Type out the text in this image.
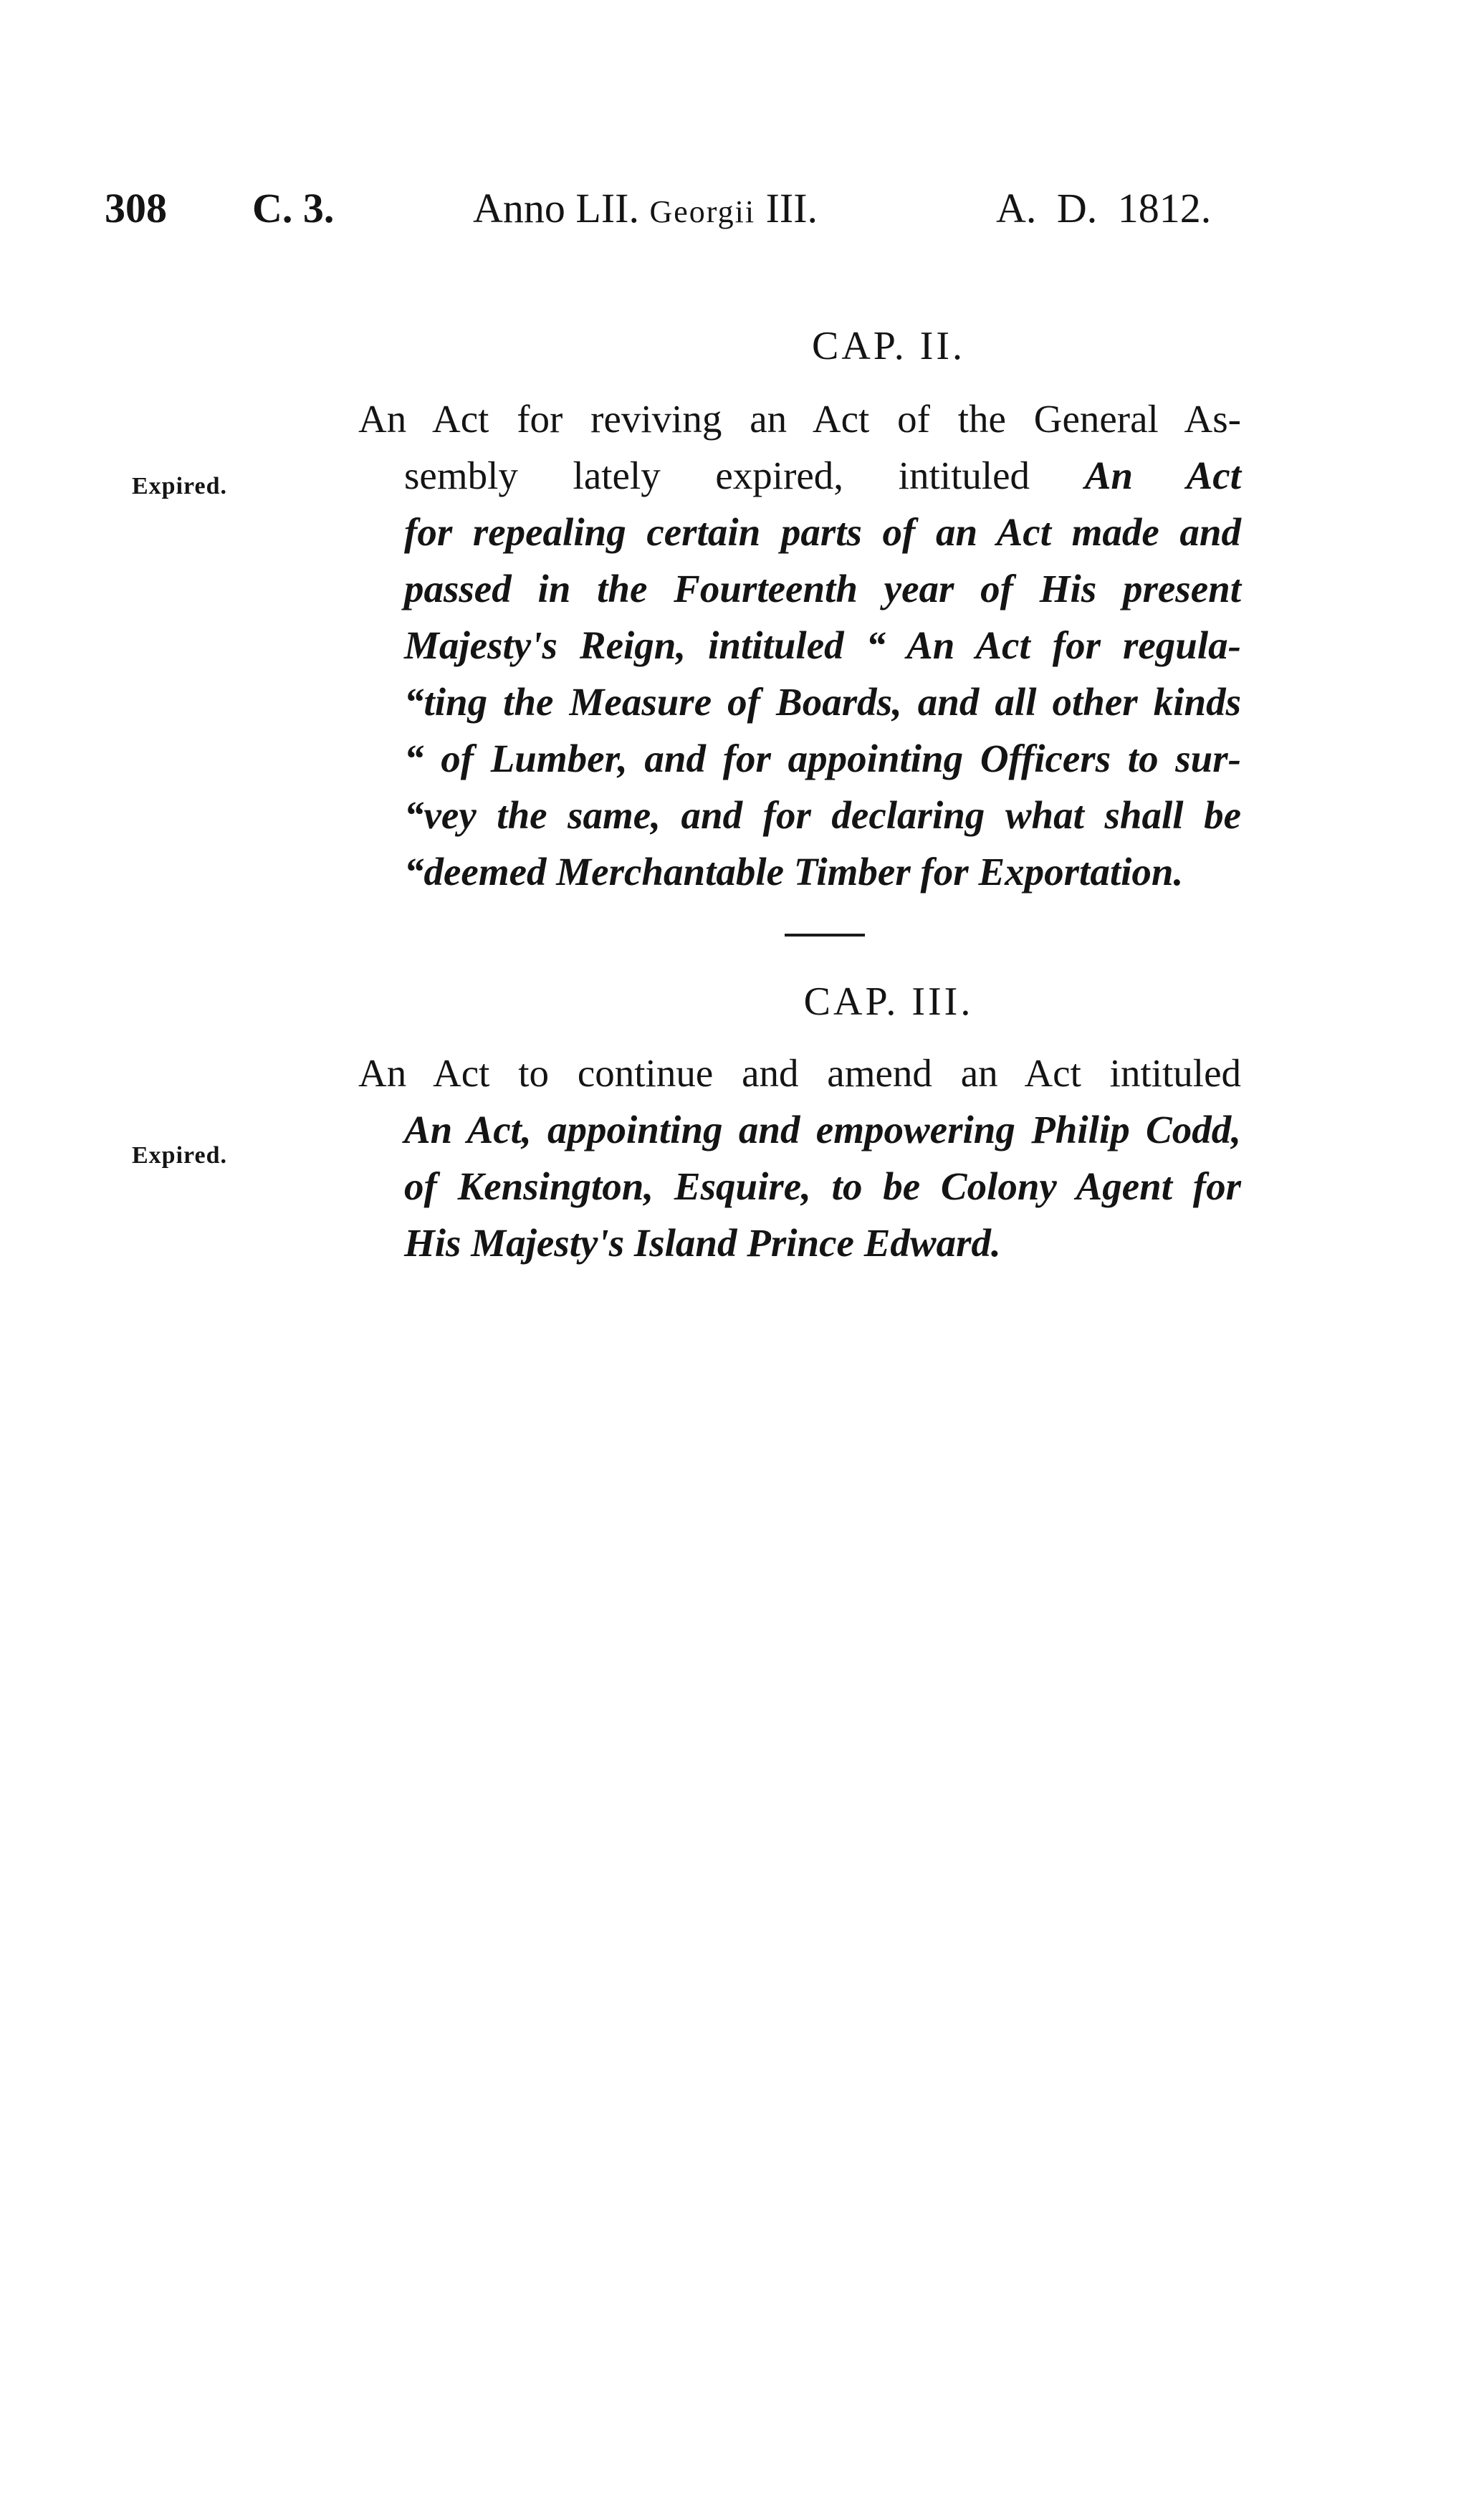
308 C. 3.	Anno LII. Georgii III.	A. D. 1812.
CAP. II.
Expired.
An Act for reviving an Act of the General As-
sembly lately expired, intituled An Act
for repealing certain parts of an Act made and
passed in the Fourteenth year of His present
Majesty's Reign, intituled “ An Act for regula-
“ting the Measure of Boards, and all other kinds
“ of Lumber, and for appointing Officers to sur-
“vey the same, and for declaring what shall be
“deemed Merchantable Timber for Exportation.
CAP. III.
Expired.
An Act to continue and amend an Act intituled
An Act, appointing and empowering Philip Codd,
of Kensington, Esquire, to be Colony Agent for
His Majesty's Island Prince Edward.
